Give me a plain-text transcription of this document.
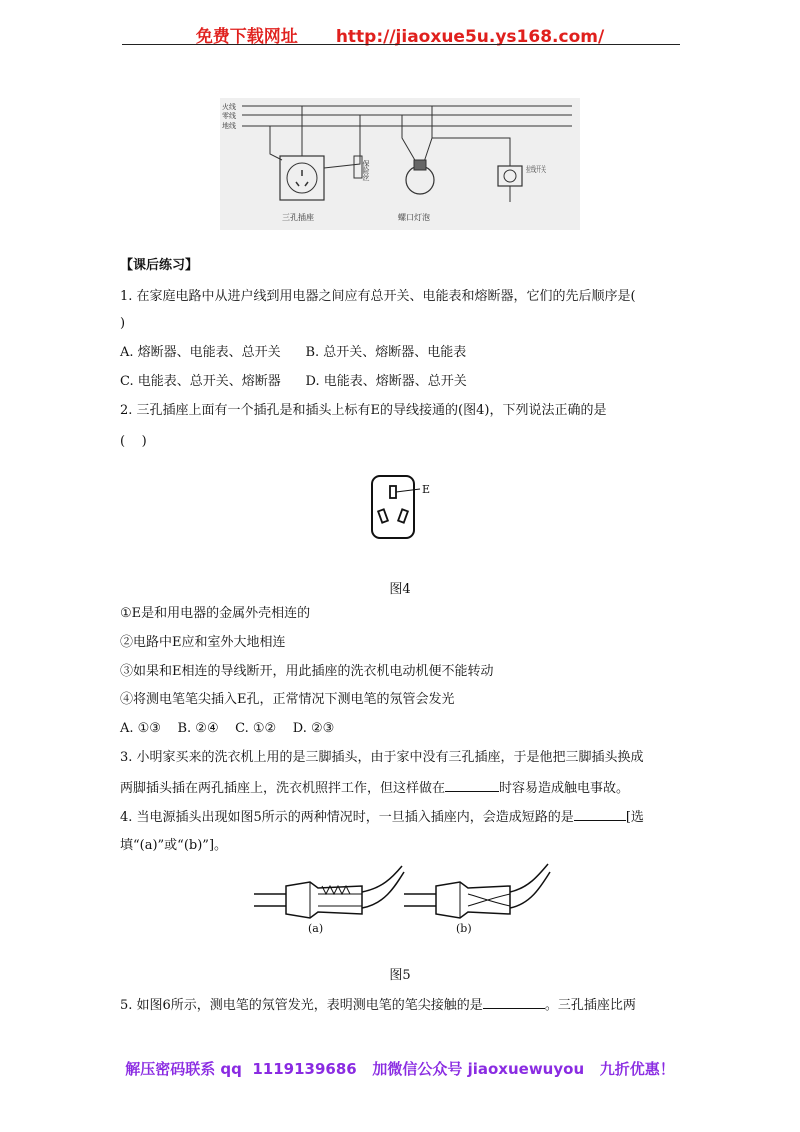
免费下载网址 http://jiaoxue5u.ys168.com/
火线
零线
地线
保险丝
三孔插座	螺口灯泡
拉线开关
【课后练习】
1. 在家庭电路中从进户线到用电器之间应有总开关、电能表和熔断器，它们的先后顺序是(
)
A. 熔断器、电能表、总开关      B. 总开关、熔断器、电能表
C. 电能表、总开关、熔断器      D. 电能表、熔断器、总开关
2. 三孔插座上面有一个插孔是和插头上标有E的导线接通的(图4)，下列说法正确的是
(    )
E
图4
①E是和用电器的金属外壳相连的
②电路中E应和室外大地相连
③如果和E相连的导线断开，用此插座的洗衣机电动机便不能转动
④将测电笔笔尖插入E孔，正常情况下测电笔的氖管会发光
A. ①③    B. ②④    C. ①②    D. ②③
3. 小明家买来的洗衣机上用的是三脚插头，由于家中没有三孔插座，于是他把三脚插头换成
两脚插头插在两孔插座上，洗衣机照拌工作，但这样做在	时容易造成触电事故。
4. 当电源插头出现如图5所示的两种情况时，一旦插入插座内，会造成短路的是	[选
填“(a)”或“(b)”]。
(a)	(b)
图5
5. 如图6所示，测电笔的氖管发光，表明测电笔的笔尖接触的是	。三孔插座比两
解压密码联系 qq  1119139686   加微信公众号 jiaoxuewuyou   九折优惠！
